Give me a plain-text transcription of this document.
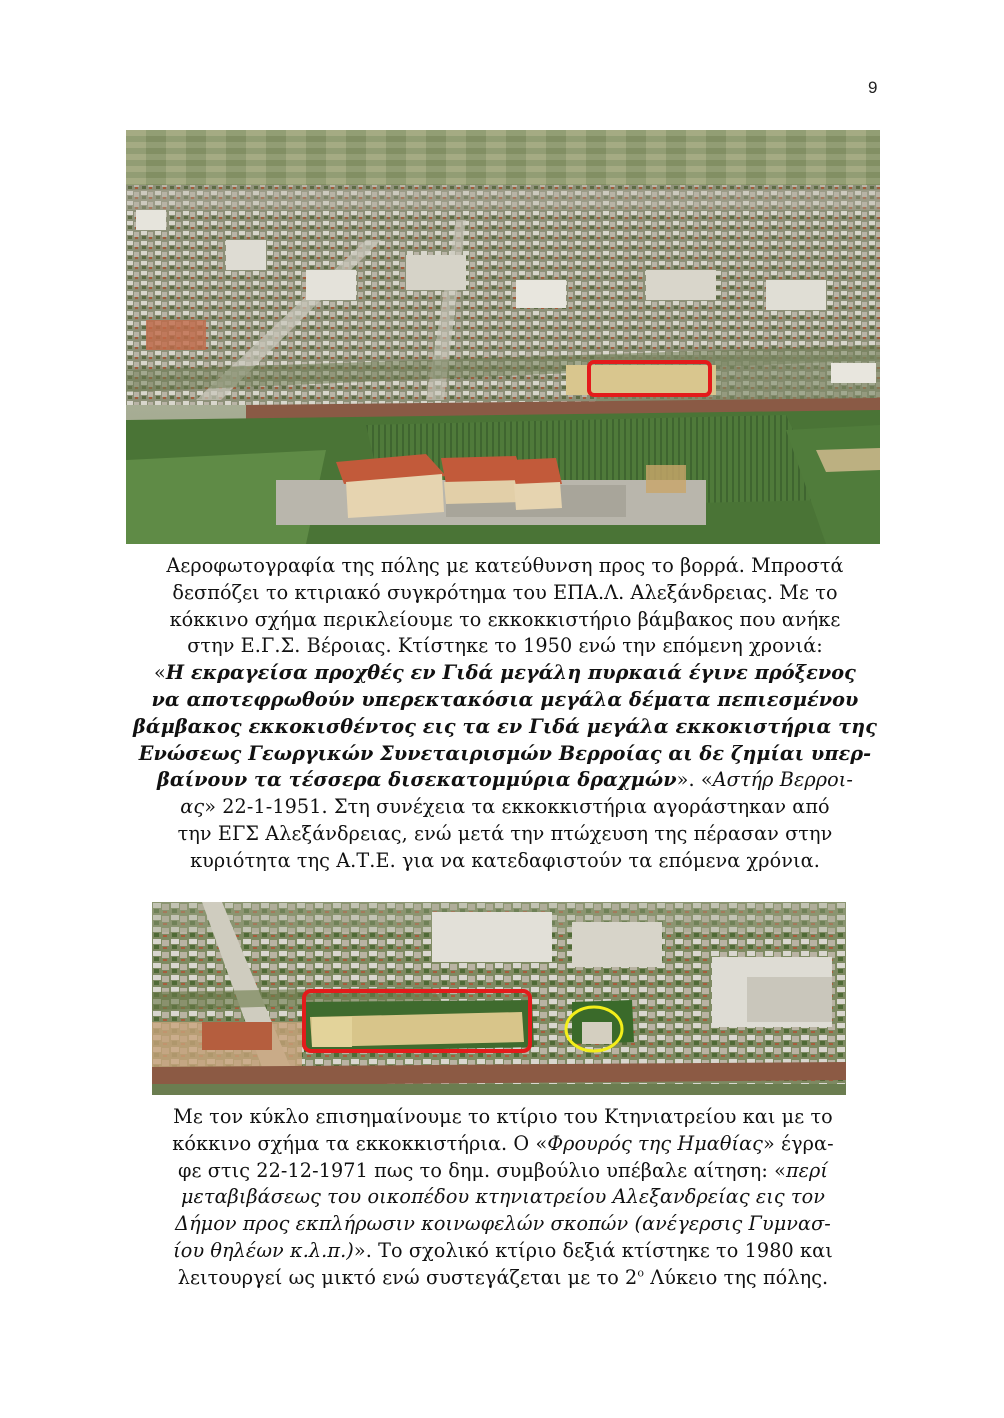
9
Αεροφωτογραφία της πόλης με κατεύθυνση προς το βορρά. Μπροστά
δεσπόζει το κτιριακό συγκρότημα του ΕΠΑ.Λ. Αλεξάνδρειας. Με το
κόκκινο σχήμα περικλείουμε το εκκοκκιστήριο βάμβακος που ανήκε
στην Ε.Γ.Σ. Βέροιας. Κτίστηκε το 1950 ενώ την επόμενη χρονιά:
«Η εκραγείσα προχθές εν Γιδά μεγάλη πυρκαιά έγινε πρόξενος
να αποτεφρωθούν υπερεκτακόσια μεγάλα δέματα πεπιεσμένου
βάμβακος εκκοκισθέντος εις τα εν Γιδά μεγάλα εκκοκιστήρια της
Ενώσεως Γεωργικών Συνεταιρισμών Βερροίας αι δε ζημίαι υπερ-
βαίνουν τα τέσσερα δισεκατομμύρια δραχμών». «Αστήρ Βερροι-
ας» 22-1-1951. Στη συνέχεια τα εκκοκκιστήρια αγοράστηκαν από
την ΕΓΣ Αλεξάνδρειας, ενώ μετά την πτώχευση της πέρασαν στην
κυριότητα της Α.Τ.Ε. για να κατεδαφιστούν τα επόμενα χρόνια.
Με τον κύκλο επισημαίνουμε το κτίριο του Κτηνιατρείου και με το
κόκκινο σχήμα τα εκκοκκιστήρια. Ο «Φρουρός της Ημαθίας» έγρα-
φε στις 22-12-1971 πως το δημ. συμβούλιο υπέβαλε αίτηση: «περί
μεταβιβάσεως του οικοπέδου κτηνιατρείου Αλεξανδρείας εις τον
Δήμον προς εκπλήρωσιν κοινωφελών σκοπών (ανέγερσις Γυμνασ-
ίου θηλέων κ.λ.π.)». Το σχολικό κτίριο δεξιά κτίστηκε το 1980 και
λειτουργεί ως μικτό ενώ συστεγάζεται με το $2^o$ Λύκειο της πόλης.
